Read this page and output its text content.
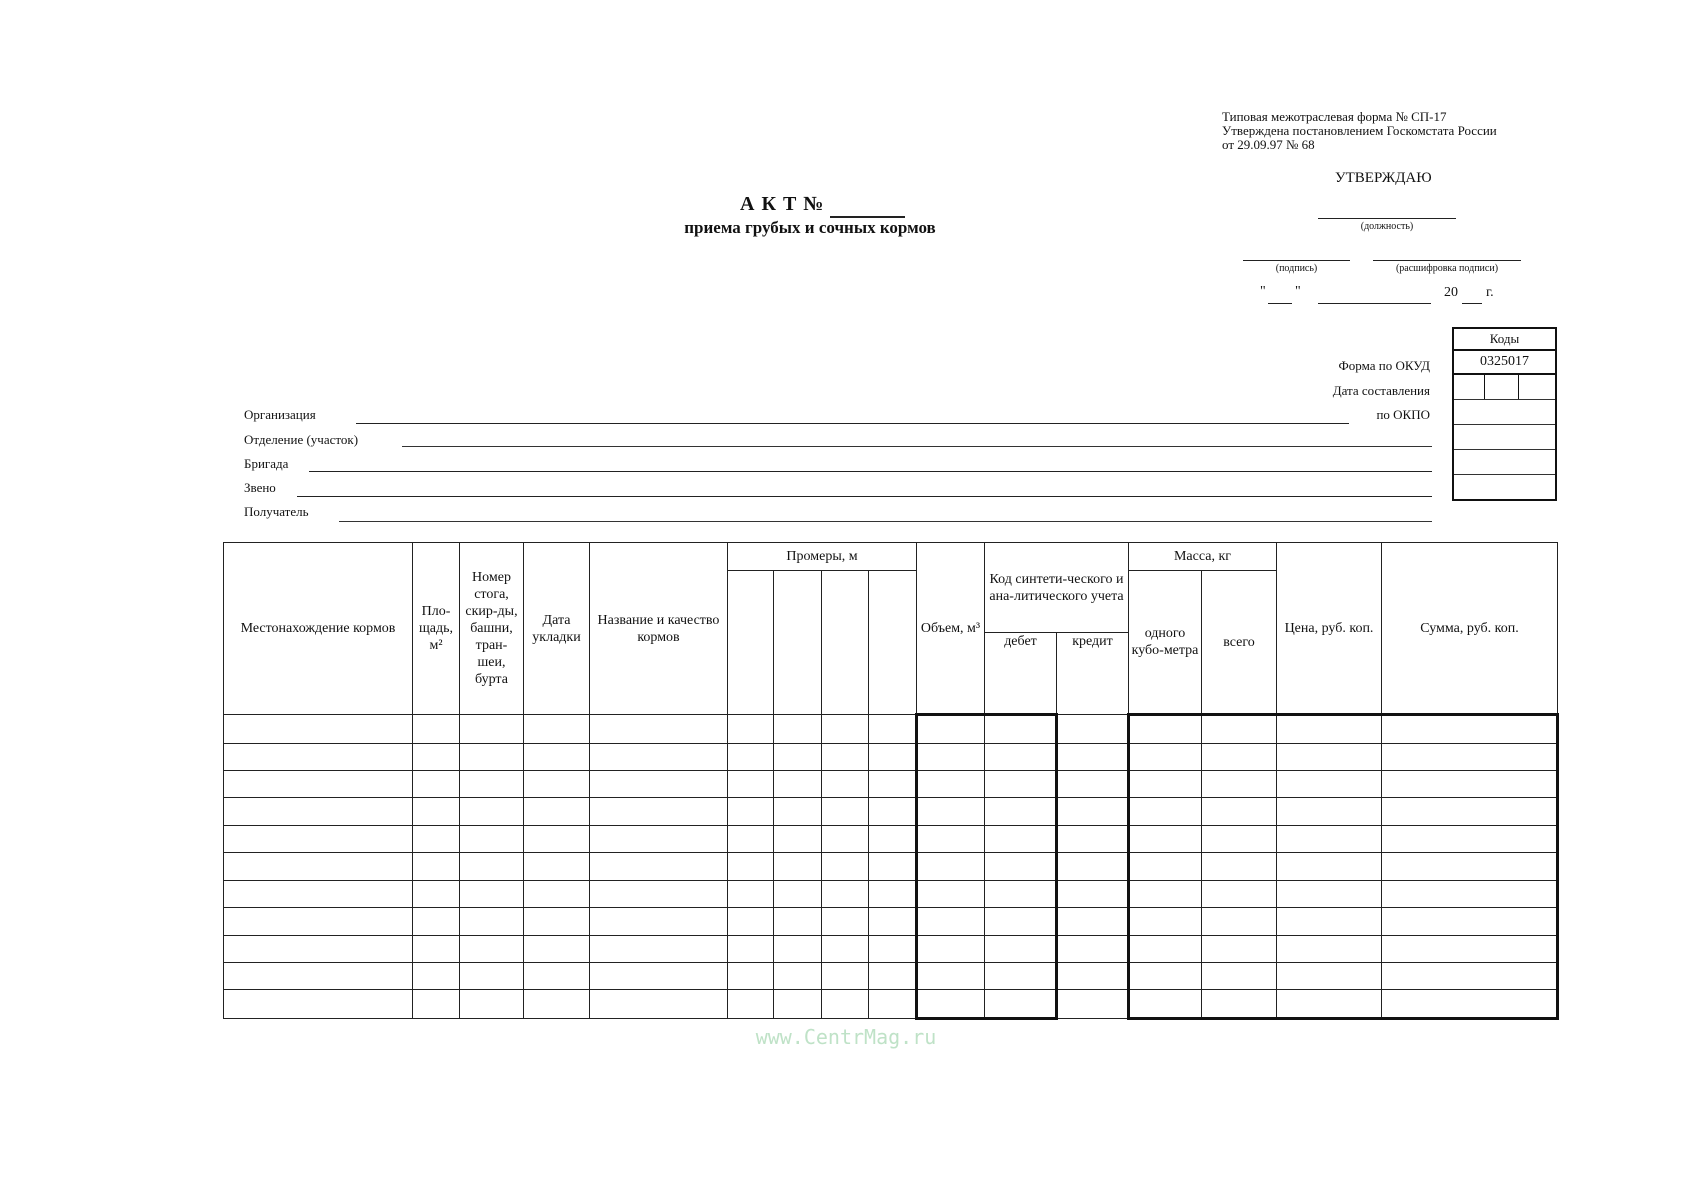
Типовая межотраслевая форма № СП-17
Утверждена постановлением Госкомстата России
от 29.09.97 № 68
УТВЕРЖДАЮ
(должность)
(подпись)	(расшифровка подписи)
" "	20 г.
А К Т №
приема грубых и сочных кормов
Форма по ОКУД
Дата составления
по ОКПО
Коды
0325017
Организация
Отделение (участок)
Бригада
Звено
Получатель
Местонахождение кормов	Пло-щадь, м²	Номер стога, скир-ды, башни, тран-шеи, бурта	Дата укладки	Название и качество кормов	Промеры, м				Объем, м³	Код синтети-ческого и ана-литического учета		Масса, кг		Цена, руб. коп.	Сумма, руб. коп.
												одного кубо-метра	всего		
										дебет	кредит				

www.CentrMag.ru
